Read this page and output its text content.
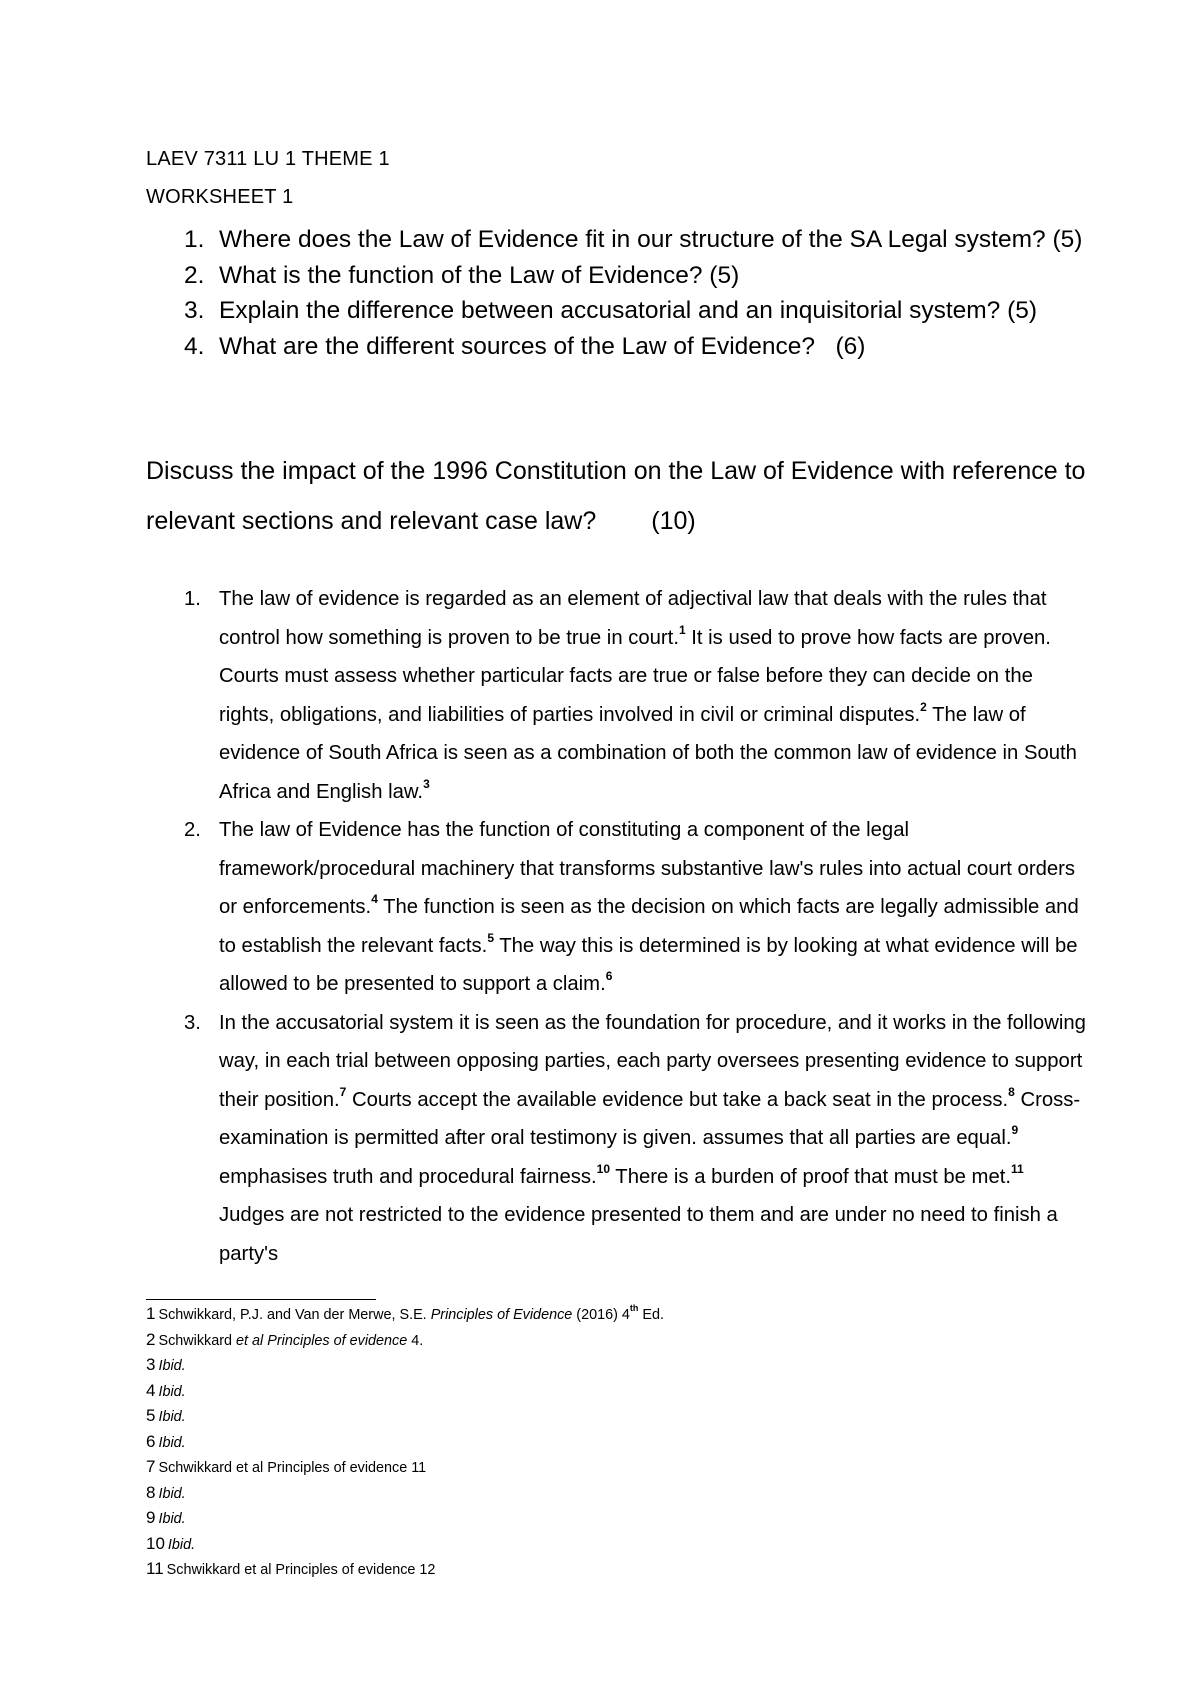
LAEV 7311 LU 1 THEME 1
WORKSHEET 1
1. Where does the Law of Evidence fit in our structure of the SA Legal system? (5)
2. What is the function of the Law of Evidence? (5)
3. Explain the difference between accusatorial and an inquisitorial system? (5)
4. What are the different sources of the Law of Evidence?   (6)
Discuss the impact of the 1996 Constitution on the Law of Evidence with reference to relevant sections and relevant case law? (10)
1. The law of evidence is regarded as an element of adjectival law that deals with the rules that control how something is proven to be true in court.$^1$ It is used to prove how facts are proven. Courts must assess whether particular facts are true or false before they can decide on the rights, obligations, and liabilities of parties involved in civil or criminal disputes.$^2$ The law of evidence of South Africa is seen as a combination of both the common law of evidence in South Africa and English law.$^3$
2. The law of Evidence has the function of constituting a component of the legal framework/procedural machinery that transforms substantive law's rules into actual court orders or enforcements.$^4$ The function is seen as the decision on which facts are legally admissible and to establish the relevant facts.$^5$ The way this is determined is by looking at what evidence will be allowed to be presented to support a claim.$^6$
3. In the accusatorial system it is seen as the foundation for procedure, and it works in the following way, in each trial between opposing parties, each party oversees presenting evidence to support their position.$^7$ Courts accept the available evidence but take a back seat in the process.$^8$ Cross-examination is permitted after oral testimony is given. assumes that all parties are equal.$^9$ emphasises truth and procedural fairness.$^{10}$ There is a burden of proof that must be met.$^{11}$ Judges are not restricted to the evidence presented to them and are under no need to finish a party's
1 Schwikkard, P.J. and Van der Merwe, S.E. Principles of Evidence (2016) 4th Ed.
2 Schwikkard et al Principles of evidence 4.
3 Ibid.
4 Ibid.
5 Ibid.
6 Ibid.
7 Schwikkard et al Principles of evidence 11
8 Ibid.
9 Ibid.
10 Ibid.
11 Schwikkard et al Principles of evidence 12
